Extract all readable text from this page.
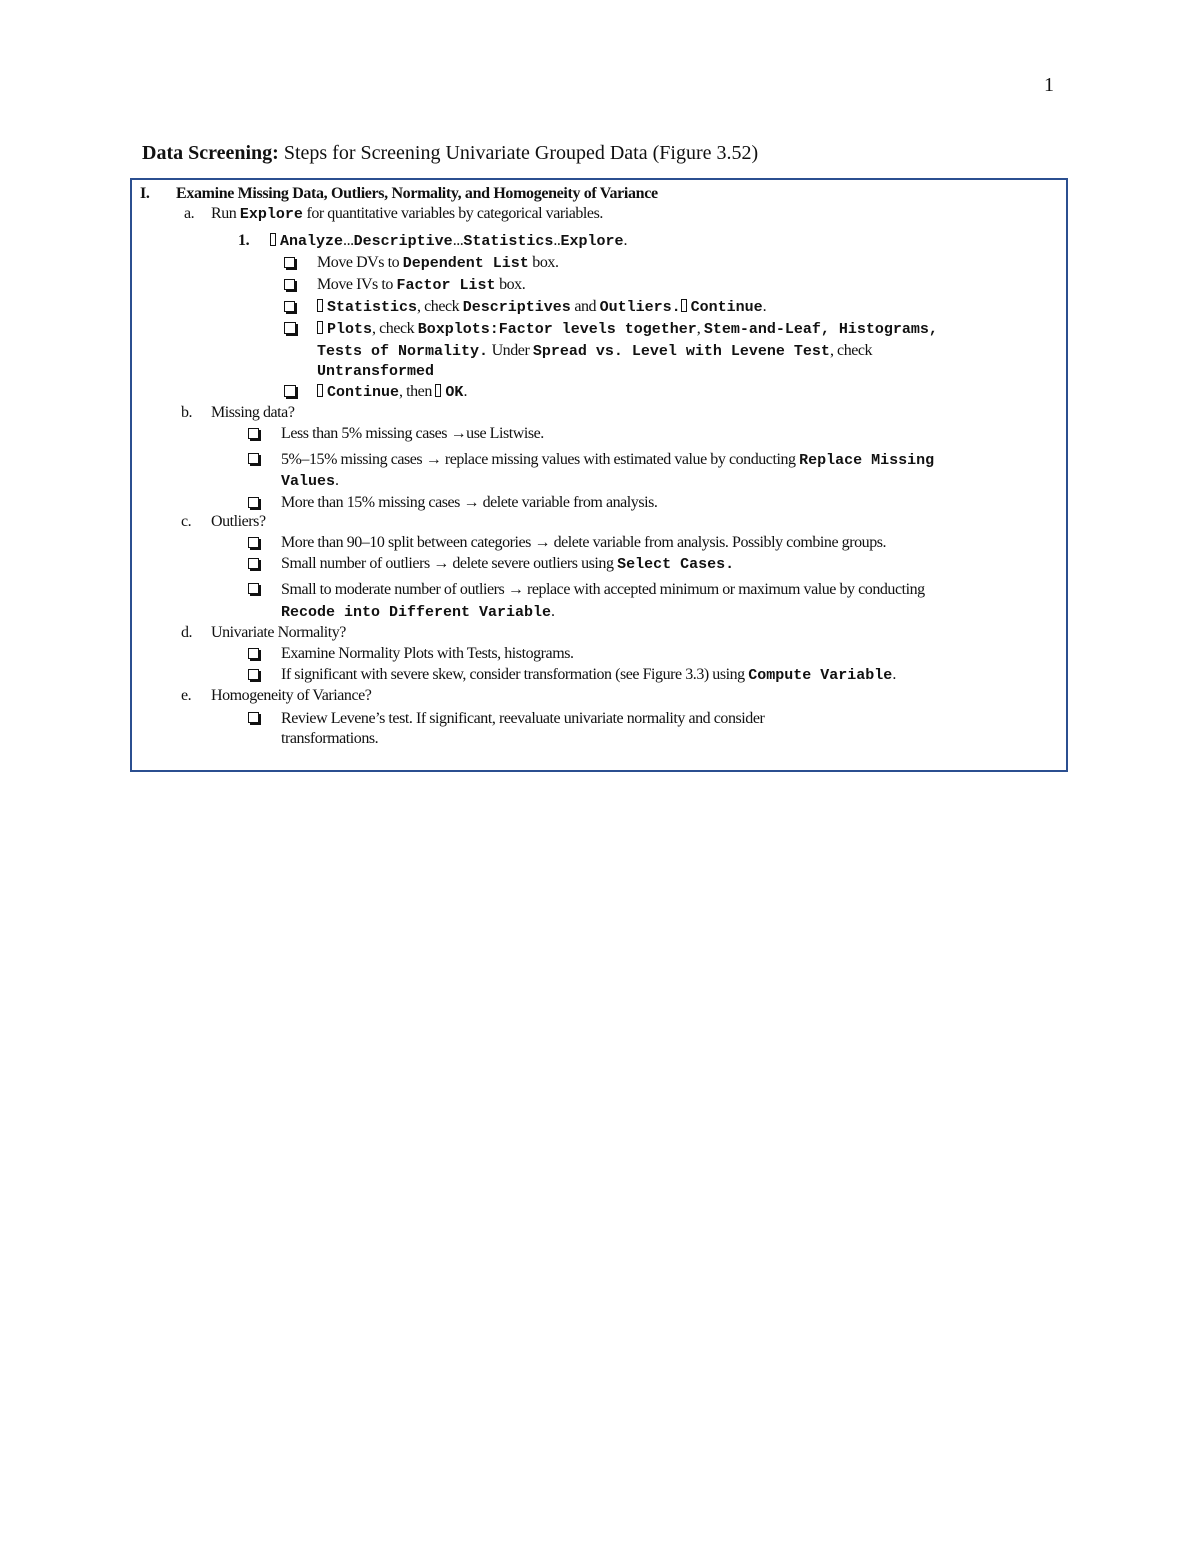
1
Data Screening: Steps for Screening Univariate Grouped Data (Figure 3.52)
I. Examine Missing Data, Outliers, Normality, and Homogeneity of Variance
a. Run Explore for quantitative variables by categorical variables.
1.	Analyze...Descriptive...Statistics..Explore.
Move DVs to Dependent List box.
Move IVs to Factor List box.
Statistics, check Descriptives and Outliers. Continue.
Plots, check Boxplots:Factor levels together, Stem-and-Leaf, Histograms,
Tests of Normality. Under Spread vs. Level with Levene Test, check
Untransformed
Continue, then OK.
b. Missing data?
Less than 5% missing cases →use Listwise.
5%–15% missing cases → replace missing values with estimated value by conducting Replace Missing
Values.
More than 15% missing cases → delete variable from analysis.
c. Outliers?
More than 90–10 split between categories → delete variable from analysis. Possibly combine groups.
Small number of outliers → delete severe outliers using Select Cases.
Small to moderate number of outliers → replace with accepted minimum or maximum value by conducting
Recode into Different Variable.
d. Univariate Normality?
Examine Normality Plots with Tests, histograms.
If significant with severe skew, consider transformation (see Figure 3.3) using Compute Variable.
e. Homogeneity of Variance?
Review Levene’s test. If significant, reevaluate univariate normality and consider
transformations.
